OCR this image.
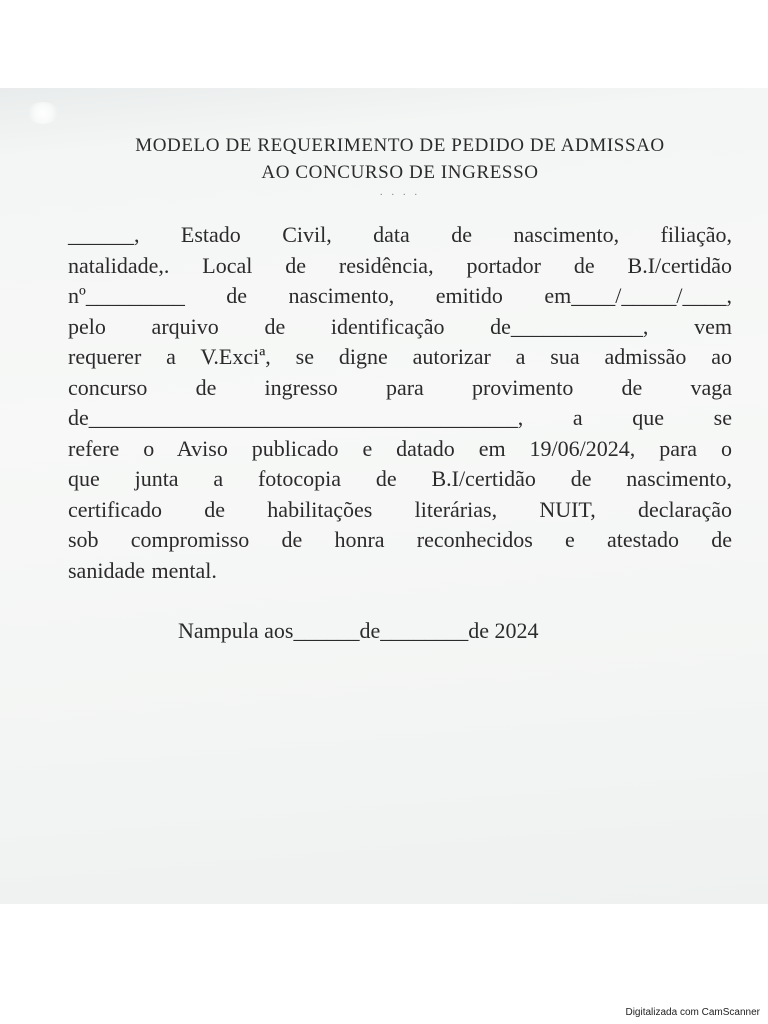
MODELO DE REQUERIMENTO DE PEDIDO DE ADMISSAO

AO CONCURSO DE INGRESSO

. . . .
______, Estado Civil, data de nascimento, filiação,
natalidade,. Local de residência, portador de B.I/certidão
nº_________ de nascimento, emitido em____/_____/____,
pelo arquivo de identificação de____________, vem
requerer a V.Exciª, se digne autorizar a sua admissão ao
concurso de ingresso para provimento de vaga
de_______________________________________, a que se
refere o Aviso publicado e datado em 19/06/2024, para o
que junta a fotocopia de B.I/certidão de nascimento,
certificado de habilitações literárias, NUIT, declaração
sob compromisso de honra reconhecidos e atestado de
sanidade mental.
Nampula aos______de________de 2024
Digitalizada com CamScanner
